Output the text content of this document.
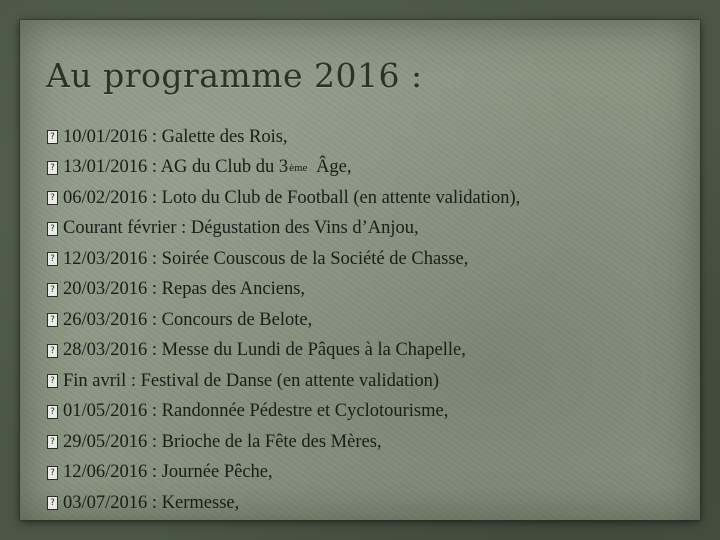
Au programme 2016 :
?
10/01/2016 : Galette des Rois,
?
13/01/2016 : AG du Club du 3 ème Âge,
?
06/02/2016 : Loto du Club de Football (en attente validation),
?
Courant février : Dégustation des Vins d’Anjou,
?
12/03/2016 : Soirée Couscous de la Société de Chasse,
?
20/03/2016 : Repas des Anciens,
?
26/03/2016 : Concours de Belote,
?
28/03/2016 : Messe du Lundi de Pâques à la Chapelle,
?
Fin avril : Festival de Danse (en attente validation)
?
01/05/2016 : Randonnée Pédestre et Cyclotourisme,
?
29/05/2016 : Brioche de la Fête des Mères,
?
12/06/2016 : Journée Pêche,
?
03/07/2016 : Kermesse,
